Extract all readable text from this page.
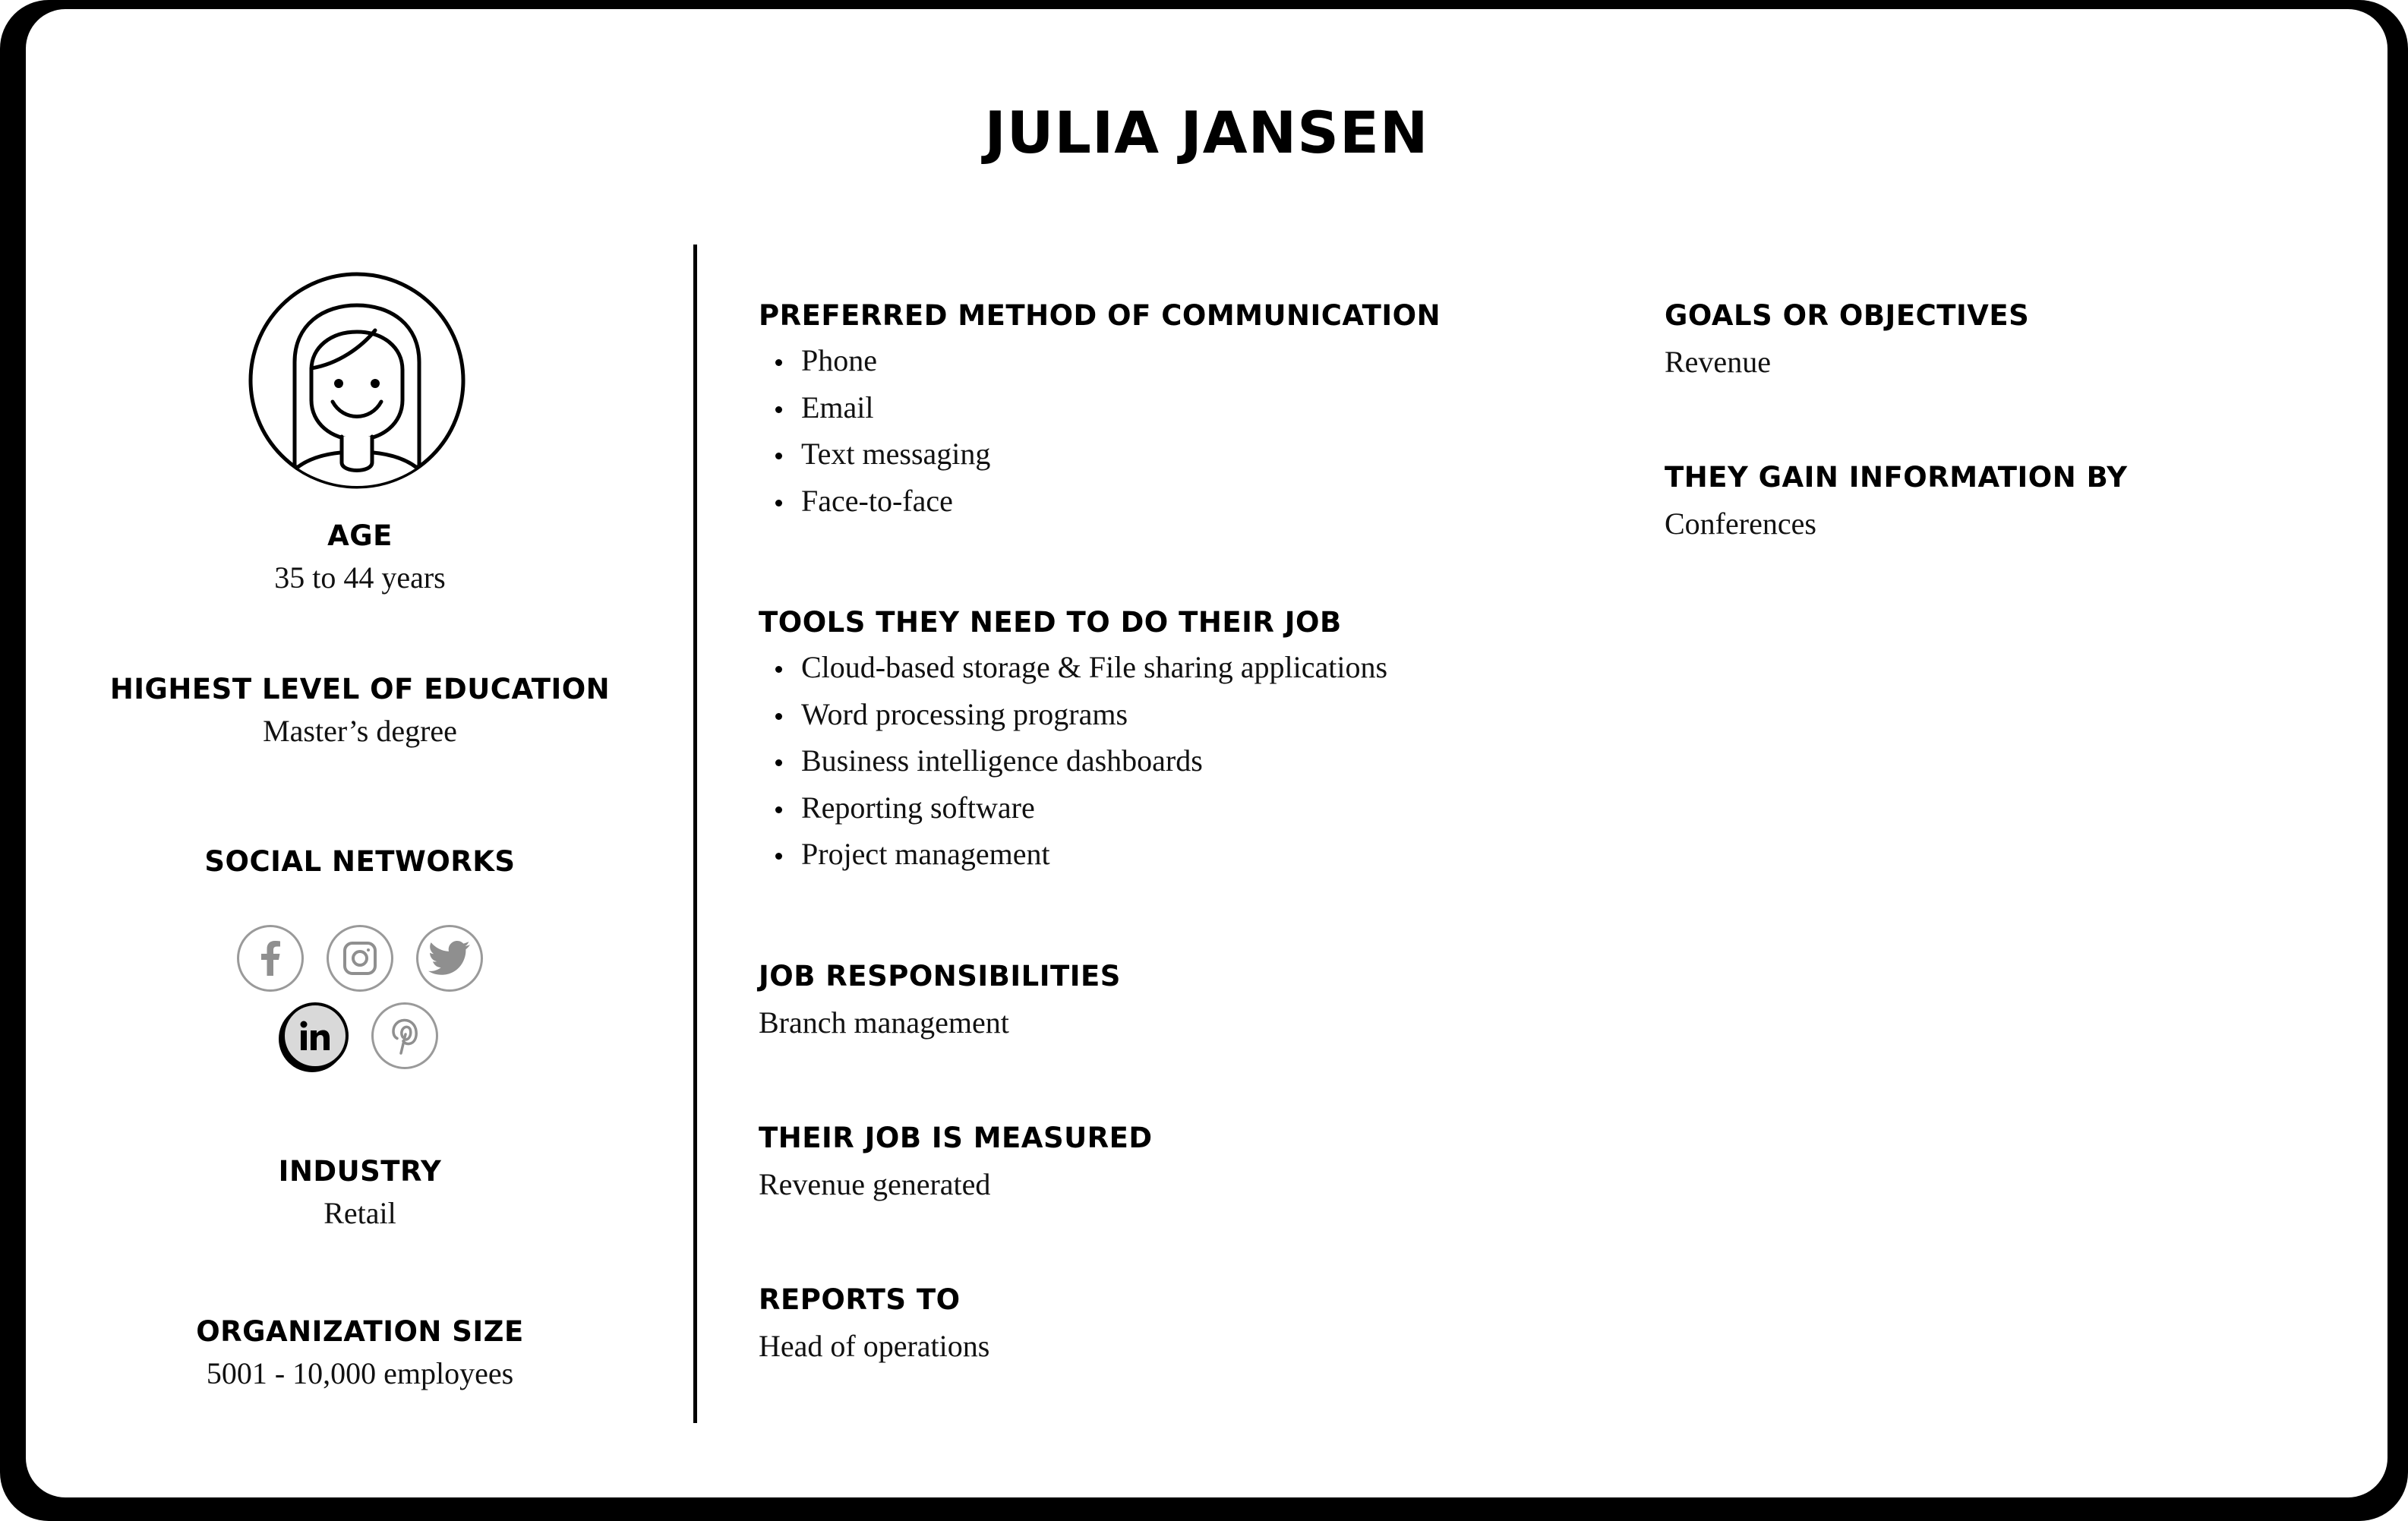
JULIA JANSEN
AGE
35 to 44 years
HIGHEST LEVEL OF EDUCATION
Master’s degree
SOCIAL NETWORKS
INDUSTRY
Retail
ORGANIZATION SIZE
5001 - 10,000 employees
PREFERRED METHOD OF COMMUNICATION
Phone
Email
Text messaging
Face-to-face
TOOLS THEY NEED TO DO THEIR JOB
Cloud-based storage & File sharing applications
Word processing programs
Business intelligence dashboards
Reporting software
Project management
JOB RESPONSIBILITIES
Branch management
THEIR JOB IS MEASURED
Revenue generated
REPORTS TO
Head of operations
GOALS OR OBJECTIVES
Revenue
THEY GAIN INFORMATION BY
Conferences
